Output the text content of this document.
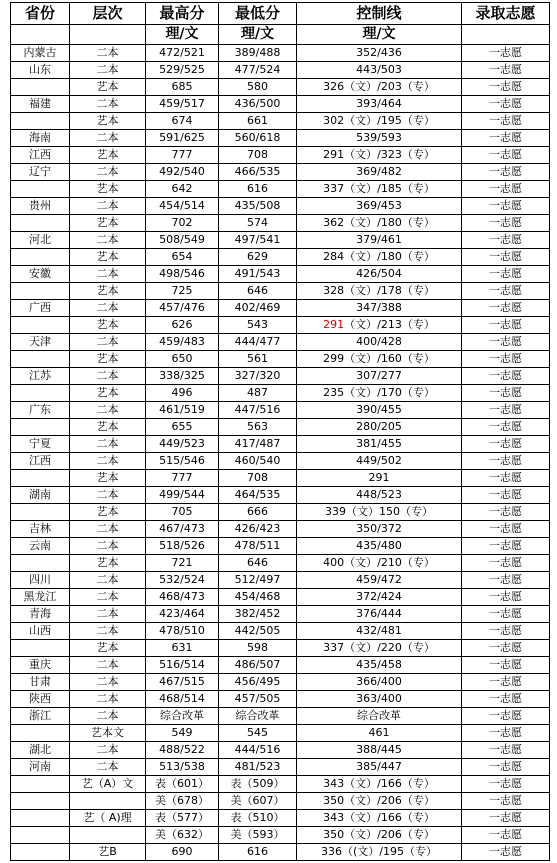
省份	层次	最高分	最低分	控制线	录取志愿
		理/文	理/文	理/文	
内蒙古	二本	472/521	389/488	352/436	一志愿
山东	二本	529/525	477/524	443/503	一志愿
	艺本	685	580	326（文）/203（专）	一志愿
福建	二本	459/517	436/500	393/464	一志愿
	艺本	674	661	302（文）/195（专）	一志愿
海南	二本	591/625	560/618	539/593	一志愿
江西	艺本	777	708	291（文）/323（专）	一志愿
辽宁	二本	492/540	466/535	369/482	一志愿
	艺本	642	616	337（文）/185（专）	一志愿
贵州	二本	454/514	435/508	369/453	一志愿
	艺本	702	574	362（文）/180（专）	一志愿
河北	二本	508/549	497/541	379/461	一志愿
	艺本	654	629	284（文）/180（专）	一志愿
安徽	二本	498/546	491/543	426/504	一志愿
	艺本	725	646	328（文）/178（专）	一志愿
广西	二本	457/476	402/469	347/388	一志愿
	艺本	626	543	291（文）/213（专）	一志愿
天津	二本	459/483	444/477	400/428	一志愿
	艺本	650	561	299（文）/160（专）	一志愿
江苏	二本	338/325	327/320	307/277	一志愿
	艺本	496	487	235（文）/170（专）	一志愿
广东	二本	461/519	447/516	390/455	一志愿
	艺本	655	563	280/205	一志愿
宁夏	二本	449/523	417/487	381/455	一志愿
江西	二本	515/546	460/540	449/502	一志愿
	艺本	777	708	291	一志愿
湖南	二本	499/544	464/535	448/523	一志愿
	艺本	705	666	339（文）150（专）	一志愿
吉林	二本	467/473	426/423	350/372	一志愿
云南	二本	518/526	478/511	435/480	一志愿
	艺本	721	646	400（文）/210（专）	一志愿
四川	二本	532/524	512/497	459/472	一志愿
黑龙江	二本	468/473	454/468	372/424	一志愿
青海	二本	423/464	382/452	376/444	一志愿
山西	二本	478/510	442/505	432/481	一志愿
	艺本	631	598	337（文）/220（专）	一志愿
重庆	二本	516/514	486/507	435/458	一志愿
甘肃	二本	467/515	456/495	366/400	一志愿
陕西	二本	468/514	457/505	363/400	一志愿
浙江	二本	综合改革	综合改革	综合改革	一志愿
	艺本文	549	545	461	一志愿
湖北	二本	488/522	444/516	388/445	一志愿
河南	二本	513/538	481/523	385/447	一志愿
	艺（A）文	表（601）	表（509）	343（文）/166（专）	一志愿
		美（678）	美（607）	350（文）/206（专）	一志愿
	艺（ A)理	表（577）	表（510）	343（文）/166（专）	一志愿
		美（632）	美（593）	350（文）/206（专）	一志愿
	艺B	690	616	336（(文）/195（专）	一志愿
